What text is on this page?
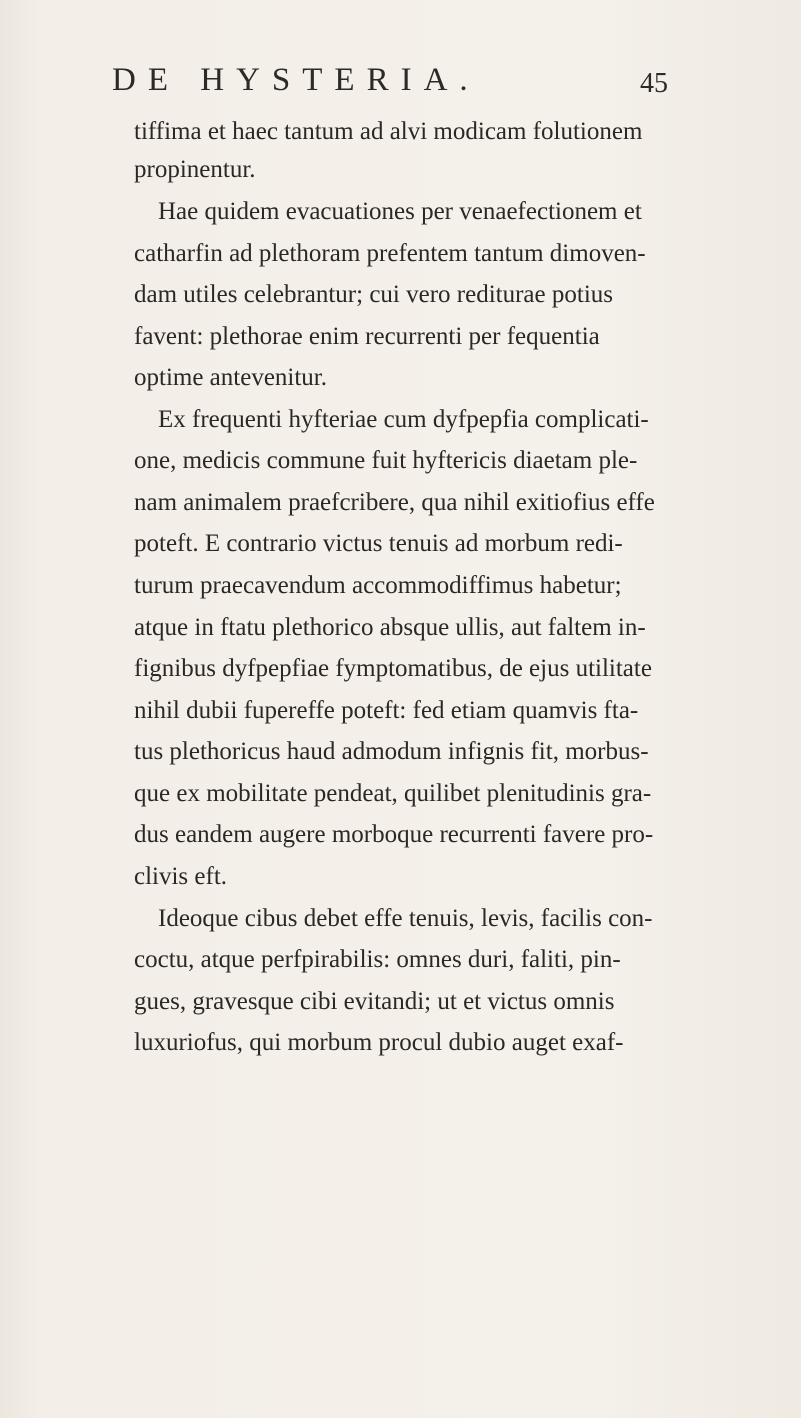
DE HYSTERIA.	45
tiffima et haec tantum ad alvi modicam folutionem
propinentur.
Hae quidem evacuationes per venaefectionem et
catharfin ad plethoram prefentem tantum dimoven-
dam utiles celebrantur; cui vero rediturae potius
favent: plethorae enim recurrenti per fequentia
optime antevenitur.
Ex frequenti hyfteriae cum dyfpepfia complicati-
one, medicis commune fuit hyftericis diaetam ple-
nam animalem praefcribere, qua nihil exitiofius effe
poteft. E contrario victus tenuis ad morbum redi-
turum praecavendum accommodiffimus habetur;
atque in ftatu plethorico absque ullis, aut faltem in-
fignibus dyfpepfiae fymptomatibus, de ejus utilitate
nihil dubii fupereffe poteft: fed etiam quamvis fta-
tus plethoricus haud admodum infignis fit, morbus-
que ex mobilitate pendeat, quilibet plenitudinis gra-
dus eandem augere morboque recurrenti favere pro-
clivis eft.
Ideoque cibus debet effe tenuis, levis, facilis con-
coctu, atque perfpirabilis: omnes duri, faliti, pin-
gues, gravesque cibi evitandi; ut et victus omnis
luxuriofus, qui morbum procul dubio auget exaf-
